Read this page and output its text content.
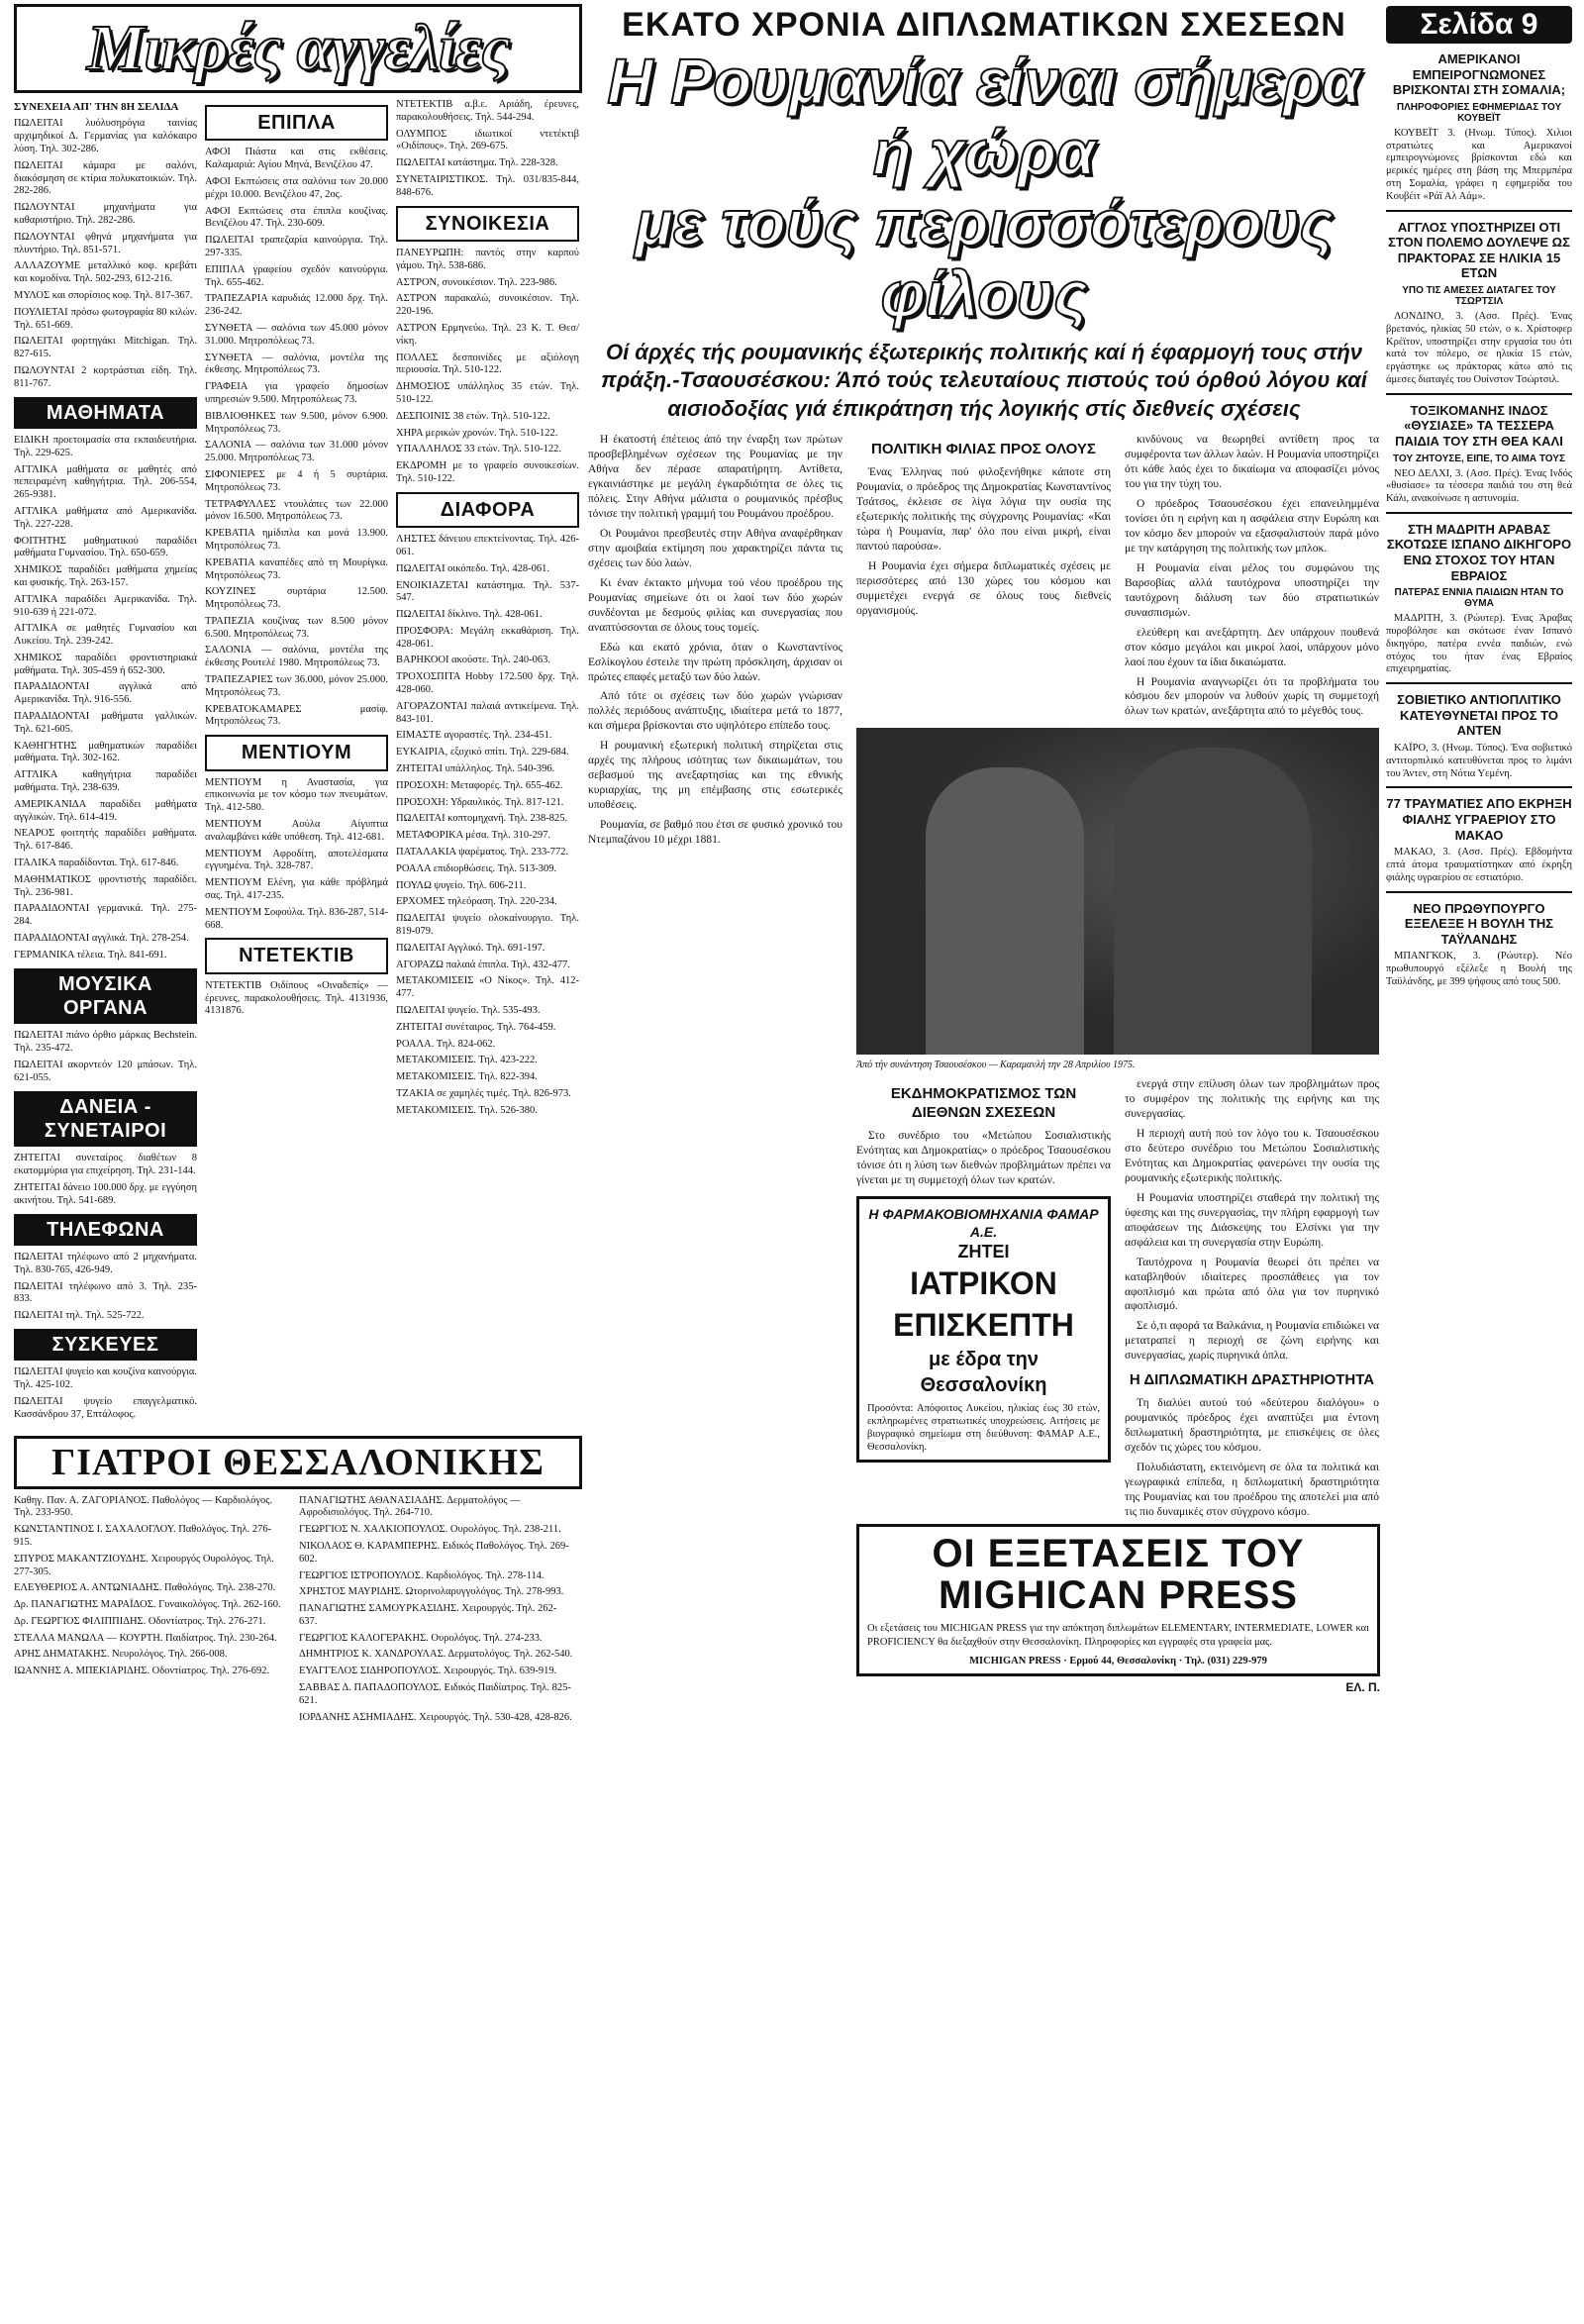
Μικρές αγγελίες
ΣΥΝΕΧΕΙΑ ΑΠ' ΤΗΝ 8Η ΣΕΛΙΔΑ

ΠΩΛΕΙΤΑΙ λυόλυσηρόγια ταινίας αρχιμηδικοί Δ. Γερμανίας για καλόκαιρο λύση. Τηλ. 302-286.

ΠΩΛΕΙΤΑΙ κάμαρα με σαλόνι, διακόσμηση σε κτίρια πολυκατοικιών. Τηλ. 282-286.

ΠΩΛΟΥΝΤΑΙ μηχανήματα για καθαριστήριο. Τηλ. 282-286.

ΠΩΛΟΥΝΤΑΙ φθηνά μηχανήματα για πλυντήριο. Τηλ. 851-571.

ΑΛΛΑΖΟΥΜΕ μεταλλικό κοφ. κρεβάτι και κομοδίνα. Τηλ. 502-293, 612-216.

ΜΥΛΟΣ και σπορίσιος κοφ. Τηλ. 817-367.

ΠΟΥΛΙΕΤΑΙ πρόσω φωτογραφία 80 κιλών. Τηλ. 651-669.

ΠΩΛΕΙΤΑΙ φορτηγάκι Mitchigan. Τηλ. 827-615.

ΠΩΛΟΥΝΤΑΙ 2 κορτράστιαι είδη. Τηλ. 811-767.

ΜΑΘΗΜΑΤΑ

ΕΙΔΙΚΗ προετοιμασία στα εκπαιδευτήρια. Τηλ. 229-625.

ΑΓΓΛΙΚΑ μαθήματα σε μαθητές από πεπειραμένη καθηγήτρια. Τηλ. 206-554, 265-9381.

ΑΓΓΛΙΚΑ μαθήματα από Αμερικανίδα. Τηλ. 227-228.

ΦΟΙΤΗΤΗΣ μαθηματικού παραδίδει μαθήματα Γυμνασίου. Τηλ. 650-659.

ΧΗΜΙΚΟΣ παραδίδει μαθήματα χημείας και φυσικής. Τηλ. 263-157.

ΑΓΓΛΙΚΑ παραδίδει Αμερικανίδα. Τηλ. 910-639 ή 221-072.

ΑΓΓΛΙΚΑ σε μαθητές Γυμνασίου και Λυκείου. Τηλ. 239-242.

ΧΗΜΙΚΟΣ παραδίδει φροντιστηριακά μαθήματα. Τηλ. 305-459 ή 652-300.

ΠΑΡΑΔΙΔΟΝΤΑΙ αγγλικά από Αμερικανίδα. Τηλ. 916-556.

ΠΑΡΑΔΙΔΟΝΤΑΙ μαθήματα γαλλικών. Τηλ. 621-605.

ΚΑΘΗΓΗΤΗΣ μαθηματικών παραδίδει μαθήματα. Τηλ. 302-162.

ΑΓΓΛΙΚΑ καθηγήτρια παραδίδει μαθήματα. Τηλ. 238-639.

ΑΜΕΡΙΚΑΝΙΔΑ παραδίδει μαθήματα αγγλικών. Τηλ. 614-419.

ΝΕΑΡΟΣ φοιτητής παραδίδει μαθήματα. Τηλ. 617-846.

ΙΤΑΛΙΚΑ παραδίδονται. Τηλ. 617-846.

ΜΑΘΗΜΑΤΙΚΟΣ φροντιστής παραδίδει. Τηλ. 236-981.

ΠΑΡΑΔΙΔΟΝΤΑΙ γερμανικά. Τηλ. 275-284.

ΠΑΡΑΔΙΔΟΝΤΑΙ αγγλικά. Τηλ. 278-254.

ΓΕΡΜΑΝΙΚΑ τέλεια. Τηλ. 841-691.

ΜΟΥΣΙΚΑ ΟΡΓΑΝΑ

ΠΩΛΕΙΤΑΙ πιάνο όρθιο μάρκας Bechstein. Τηλ. 235-472.

ΠΩΛΕΙΤΑΙ ακορντεόν 120 μπάσων. Τηλ. 621-055.

ΔΑΝΕΙΑ - ΣΥΝΕΤΑΙΡΟΙ

ΖΗΤΕΙΤΑΙ συνεταίρος διαθέτων 8 εκατομμύρια για επιχείρηση. Τηλ. 231-144.

ΖΗΤΕΙΤΑΙ δάνειο 100.000 δρχ. με εγγύηση ακινήτου. Τηλ. 541-689.

ΤΗΛΕΦΩΝΑ

ΠΩΛΕΙΤΑΙ τηλέφωνο από 2 μηχανήματα. Τηλ. 830-765, 426-949.

ΠΩΛΕΙΤΑΙ τηλέφωνο από 3. Τηλ. 235-833.

ΠΩΛΕΙΤΑΙ τηλ. Τηλ. 525-722.

ΣΥΣΚΕΥΕΣ

ΠΩΛΕΙΤΑΙ ψυγείο και κουζίνα καινούργια. Τηλ. 425-102.

ΠΩΛΕΙΤΑΙ ψυγείο επαγγελματικό. Κασσάνδρου 37, Επτάλοφος.

ΕΠΙΠΛΑ

ΑΦΟΙ Πιάστα και στις εκθέσεις. Καλαμαριά: Αγίου Μηνά, Βενιζέλου 47.

ΑΦΟΙ Εκπτώσεις στα σαλόνια των 20.000 μέχρι 10.000. Βενιζέλου 47, 2ος.

ΑΦΟΙ Εκπτώσεις στα έπιπλα κουζίνας. Βενιζέλου 47. Τηλ. 230-609.

ΠΩΛΕΙΤΑΙ τραπεζαρία καινούργια. Τηλ. 297-335.

ΕΠΙΠΛΑ γραφείου σχεδόν καινούργια. Τηλ. 655-462.

ΤΡΑΠΕΖΑΡΙΑ καρυδιάς 12.000 δρχ. Τηλ. 236-242.

ΣΥΝΘΕΤΑ — σαλόνια των 45.000 μόνον 31.000. Μητροπόλεως 73.

ΣΥΝΘΕΤΑ — σαλόνια, μοντέλα της έκθεσης. Μητροπόλεως 73.

ΓΡΑΦΕΙΑ για γραφείο δημοσίων υπηρεσιών 9.500. Μητροπόλεως 73.

ΒΙΒΛΙΟΘΗΚΕΣ των 9.500, μόνον 6.900. Μητροπόλεως 73.

ΣΑΛΟΝΙΑ — σαλόνια των 31.000 μόνον 25.000. Μητροπόλεως 73.

ΣΙΦΟΝΙΕΡΕΣ με 4 ή 5 συρτάρια. Μητροπόλεως 73.

ΤΕΤΡΑΦΥΛΛΕΣ ντουλάπες των 22.000 μόνον 16.500. Μητροπόλεως 73.

ΚΡΕΒΑΤΙΑ ημίδιπλα και μονά 13.900. Μητροπόλεως 73.

ΚΡΕΒΑΤΙΑ καναπέδες από τη Μουρίγκα. Μητροπόλεως 73.

ΚΟΥΖΙΝΕΣ συρτάρια 12.500. Μητροπόλεως 73.

ΤΡΑΠΕΖΙΑ κουζίνας των 8.500 μόνον 6.500. Μητροπόλεως 73.

ΣΑΛΟΝΙΑ — σαλόνια, μοντέλα της έκθεσης Ρουτελέ 1980. Μητροπόλεως 73.

ΤΡΑΠΕΖΑΡΙΕΣ των 36.000, μόνον 25.000. Μητροπόλεως 73.

ΚΡΕΒΑΤΟΚΑΜΑΡΕΣ μασίφ. Μητροπόλεως 73.

ΜΕΝΤΙΟΥΜ

ΜΕΝΤΙΟΥΜ η Αναστασία, για επικοινωνία με τον κόσμο των πνευμάτων. Τηλ. 412-580.

ΜΕΝΤΙΟΥΜ Αούλα Αίγυπτια αναλαμβάνει κάθε υπόθεση. Τηλ. 412-681.

ΜΕΝΤΙΟΥΜ Αφροδίτη, αποτελέσματα εγγυημένα. Τηλ. 328-787.

ΜΕΝΤΙΟΥΜ Ελένη, για κάθε πρόβλημά σας. Τηλ. 417-235.

ΜΕΝΤΙΟΥΜ Σοφούλα. Τηλ. 836-287, 514-668.

ΝΤΕΤΕΚΤΙΒ

ΝΤΕΤΕΚΤΙΒ Οιδίπους «Οιναδεπίς» — έρευνες, παρακολουθήσεις. Τηλ. 4131936, 4131876.

ΝΤΕΤΕΚΤΙΒ α.β.ε. Αριάδη, έρευνες, παρακολουθήσεις. Τηλ. 544-294.

ΟΛΥΜΠΟΣ ιδιωτικοί ντετέκτιβ «Οιδίπους». Τηλ. 269-675.

ΠΩΛΕΙΤΑΙ κατάστημα. Τηλ. 228-328.

ΣΥΝΕΤΑΙΡΙΣΤΙΚΟΣ. Τηλ. 031/835-844, 848-676.

ΣΥΝΟΙΚΕΣΙΑ

ΠΑΝΕΥΡΩΠΗ: παντός στην καρπού γάμου. Τηλ. 538-686.

ΑΣΤΡΟΝ, συνοικέσιον. Τηλ. 223-986.

ΑΣΤΡΟΝ παρακαλώ, συνοικέσιον. Τηλ. 220-196.

ΑΣΤΡΟΝ Ερμηνεύω. Τηλ. 23 Κ. Τ. Θεσ/νίκη.

ΠΟΛΛΕΣ δεσποινίδες με αξιόλογη περιουσία. Τηλ. 510-122.

ΔΗΜΟΣΙΟΣ υπάλληλος 35 ετών. Τηλ. 510-122.

ΔΕΣΠΟΙΝΙΣ 38 ετών. Τηλ. 510-122.

ΧΗΡΑ μερικών χρονών. Τηλ. 510-122.

ΥΠΑΛΛΗΛΟΣ 33 ετών. Τηλ. 510-122.

ΕΚΔΡΟΜΗ με το γραφείο συνοικεσίων. Τηλ. 510-122.

ΔΙΑΦΟΡΑ

ΛΗΣΤΕΣ δάνειου επεκτείνοντας. Τηλ. 426-061.

ΠΩΛΕΙΤΑΙ οικόπεδο. Τηλ. 428-061.

ΕΝΟΙΚΙΑΖΕΤΑΙ κατάστημα. Τηλ. 537-547.

ΠΩΛΕΙΤΑΙ δίκλινο. Τηλ. 428-061.

ΠΡΟΣΦΟΡΑ: Μεγάλη εκκαθάριση. Τηλ. 428-061.

ΒΑΡΗΚΟΟΙ ακούστε. Τηλ. 240-063.

ΤΡΟΧΟΣΠΙΤΑ Hobby 172.500 δρχ. Τηλ. 428-060.

ΑΓΟΡΑΖΟΝΤΑΙ παλαιά αντικείμενα. Τηλ. 843-101.

ΕΙΜΑΣΤΕ αγοραστές. Τηλ. 234-451.

ΕΥΚΑΙΡΙΑ, εξοχικό σπίτι. Τηλ. 229-684.

ΖΗΤΕΙΤΑΙ υπάλληλος. Τηλ. 540-396.

ΠΡΟΣΟΧΗ: Μεταφορές. Τηλ. 655-462.

ΠΡΟΣΟΧΗ: Υδραυλικός. Τηλ. 817-121.

ΠΩΛΕΙΤΑΙ κοπτομηχανή. Τηλ. 238-825.

ΜΕΤΑΦΟΡΙΚΑ μέσα. Τηλ. 310-297.

ΠΑΤΑΛΑΚΙΑ ψαρέματος. Τηλ. 233-772.

ΡΟΑΛΑ επιδιορθώσεις. Τηλ. 513-309.

ΠΟΥΛΩ ψυγείο. Τηλ. 606-211.

ΕΡΧΟΜΕΣ τηλεόραση. Τηλ. 220-234.

ΠΩΛΕΙΤΑΙ ψυγείο ολοκαίνουργιο. Τηλ. 819-079.

ΠΩΛΕΙΤΑΙ Αγγλικό. Τηλ. 691-197.

ΑΓΟΡΑΖΩ παλαιά έπιπλα. Τηλ. 432-477.

ΜΕΤΑΚΟΜΙΣΕΙΣ «Ο Νίκος». Τηλ. 412-477.

ΠΩΛΕΙΤΑΙ ψυγείο. Τηλ. 535-493.

ΖΗΤΕΙΤΑΙ συνέταιρος. Τηλ. 764-459.

ΡΟΑΛΑ. Τηλ. 824-062.

ΜΕΤΑΚΟΜΙΣΕΙΣ. Τηλ. 423-222.

ΜΕΤΑΚΟΜΙΣΕΙΣ. Τηλ. 822-394.

ΤΖΑΚΙΑ σε χαμηλές τιμές. Τηλ. 826-973.

ΜΕΤΑΚΟΜΙΣΕΙΣ. Τηλ. 526-380.

ΓΙΑΤΡΟΙ ΘΕΣΣΑΛΟΝΙΚΗΣ

Καθηγ. Παν. Α. ΖΑΓΟΡΙΑΝΟΣ. Παθολόγος — Καρδιολόγος. Τηλ. 233-950.

ΚΩΝΣΤΑΝΤΙΝΟΣ Ι. ΣΑΧΑΛΟΓΛΟΥ. Παθολόγος. Τηλ. 276-915.

ΣΠΥΡΟΣ ΜΑΚΑΝΤΖΙΟΥΔΗΣ. Χειρουργός Ουρολόγος. Τηλ. 277-305.

ΕΛΕΥΘΕΡΙΟΣ Α. ΑΝΤΩΝΙΑΔΗΣ. Παθολόγος. Τηλ. 238-270.

Δρ. ΠΑΝΑΓΙΩΤΗΣ ΜΑΡΑΪΔΟΣ. Γυναικολόγος. Τηλ. 262-160.

Δρ. ΓΕΩΡΓΙΟΣ ΦΙΛΙΠΠΙΔΗΣ. Οδοντίατρος. Τηλ. 276-271.

ΣΤΕΛΛΑ ΜΑΝΩΛΑ — ΚΟΥΡΤΗ. Παιδίατρος. Τηλ. 230-264.

ΑΡΗΣ ΔΗΜΑΤΑΚΗΣ. Νευρολόγος. Τηλ. 266-008.

ΙΩΑΝΝΗΣ Α. ΜΠΕΚΙΑΡΙΔΗΣ. Οδοντίατρος. Τηλ. 276-692.

ΠΑΝΑΓΙΩΤΗΣ ΑΘΑΝΑΣΙΑΔΗΣ. Δερματολόγος — Αφροδισιολόγος. Τηλ. 264-710.

ΓΕΩΡΓΙΟΣ Ν. ΧΑΛΚΙΟΠΟΥΛΟΣ. Ουρολόγος. Τηλ. 238-211.

ΝΙΚΟΛΑΟΣ Θ. ΚΑΡΑΜΠΕΡΗΣ. Ειδικός Παθολόγος. Τηλ. 269-602.

ΓΕΩΡΓΙΟΣ ΙΣΤΡΟΠΟΥΛΟΣ. Καρδιολόγος. Τηλ. 278-114.

ΧΡΗΣΤΟΣ ΜΑΥΡΙΔΗΣ. Ωτορινολαρυγγολόγος. Τηλ. 278-993.

ΠΑΝΑΓΙΩΤΗΣ ΣΑΜΟΥΡΚΑΣΙΔΗΣ. Χειρουργός. Τηλ. 262-637.

ΓΕΩΡΓΙΟΣ ΚΑΛΟΓΕΡΑΚΗΣ. Ουρολόγος. Τηλ. 274-233.

ΔΗΜΗΤΡΙΟΣ Κ. ΧΑΝΔΡΟΥΛΑΣ. Δερματολόγος. Τηλ. 262-540.

ΕΥΑΓΓΕΛΟΣ ΣΙΔΗΡΟΠΟΥΛΟΣ. Χειρουργός. Τηλ. 639-919.

ΣΑΒΒΑΣ Δ. ΠΑΠΑΔΟΠΟΥΛΟΣ. Ειδικός Παιδίατρος. Τηλ. 825-621.

ΙΟΡΔΑΝΗΣ ΑΣΗΜΙΑΔΗΣ. Χειρουργός. Τηλ. 530-428, 428-826.

ΕΚΑΤΟ ΧΡΟΝΙΑ ΔΙΠΛΩΜΑΤΙΚΩΝ ΣΧΕΣΕΩΝ
Η Ρουμανία είναι σήμερα ή χώρα
με τούς περισσότερους φίλους
Οί άρχές τής ρουμανικής έξωτερικής πολιτικής καί ή έφαρμογή τους στήν πράξη.-Τσαουσέσκου: Άπό τούς τελευταίους πιστούς τού όρθού λόγου καί αισιοδοξίας γιά έπικράτηση τής λογικής στίς διεθνείς σχέσεις

Η έκατοστή έπέτειος άπό την έναρξη των πρώτων προσβεβλημένων σχέσεων της Ρουμανίας με την Αθήνα δεν πέρασε απαρατήρητη. Αντίθετα, εγκαινιάστηκε με μεγάλη έγκαρδιότητα σε όλες τις πόλεις. Στην Αθήνα μάλιστα ο ρουμανικός πρέσβυς τόνισε την πολιτική γραμμή του Ρουμάνου προέδρου.

Οι Ρουμάνοι πρεσβευτές στην Αθήνα αναφέρθηκαν στην αμοιβαία εκτίμηση που χαρακτηρίζει πάντα τις σχέσεις των δύο λαών.

Κι έναν έκτακτο μήνυμα τού νέου προέδρου της Ρουμανίας σημείωνε ότι οι λαοί των δύο χωρών συνδέονται με δεσμούς φιλίας και συνεργασίας που αναπτύσσονται σε όλους τους τομείς.

Εδώ και εκατό χρόνια, όταν ο Κωνσταντίνος Εσλίκογλου έστειλε την πρώτη πρόσκληση, άρχισαν οι πρώτες επαφές μεταξύ των δύο λαών.

Από τότε οι σχέσεις των δύο χωρών γνώρισαν πολλές περιόδους ανάπτυξης, ιδιαίτερα μετά το 1877, και σήμερα βρίσκονται στο υψηλότερο επίπεδο τους.

Η ρουμανική εξωτερική πολιτική στηρίζεται στις αρχές της πλήρους ισότητας των δικαιωμάτων, του σεβασμού της ανεξαρτησίας και της εθνικής κυριαρχίας, της μη επέμβασης στις εσωτερικές υποθέσεις.

Ρουμανία, σε βαθμό που έτσι σε φυσικό χρονικό του Ντεμπαζάνου 10 μέχρι 1881.

ΠΟΛΙΤΙΚΗ ΦΙΛΙΑΣ ΠΡΟΣ ΟΛΟΥΣ

Ένας Έλληνας πού φιλοξενήθηκε κάποτε στη Ρουμανία, ο πρόεδρος της Δημοκρατίας Κωνσταντίνος Τσάτσος, έκλεισε σε λίγα λόγια την ουσία της εξωτερικής πολιτικής της σύγχρονης Ρουμανίας: «Και τώρα ή Ρουμανία, παρ' όλο που είναι μικρή, είναι παντού παρούσα».

Η Ρουμανία έχει σήμερα διπλωματικές σχέσεις με περισσότερες από 130 χώρες του κόσμου και συμμετέχει ενεργά σε όλους τους διεθνείς οργανισμούς.

κινδύνους να θεωρηθεί αντίθετη προς τα συμφέροντα των άλλων λαών. Η Ρουμανία υποστηρίζει ότι κάθε λαός έχει το δικαίωμα να αποφασίζει μόνος του για την τύχη του.

Ο πρόεδρος Τσαουσέσκου έχει επανειλημμένα τονίσει ότι η ειρήνη και η ασφάλεια στην Ευρώπη και τον κόσμο δεν μπορούν να εξασφαλιστούν παρά μόνο με την κατάργηση της πολιτικής των μπλοκ.

Η Ρουμανία είναι μέλος του συμφώνου της Βαρσοβίας αλλά ταυτόχρονα υποστηρίζει την ταυτόχρονη διάλυση των δύο στρατιωτικών συνασπισμών.

ελεύθερη και ανεξάρτητη. Δεν υπάρχουν πουθενά στον κόσμο μεγάλοι και μικροί λαοί, υπάρχουν μόνο λαοί που έχουν τα ίδια δικαιώματα.

Η Ρουμανία αναγνωρίζει ότι τα προβλήματα του κόσμου δεν μπορούν να λυθούν χωρίς τη συμμετοχή όλων των κρατών, ανεξάρτητα από το μέγεθός τους.

Άπό τήν συνάντηση Τσαουσέσκου — Καραμανλή την 28 Απριλίου 1975.
ΕΚΔΗΜΟΚΡΑΤΙΣΜΟΣ ΤΩΝ ΔΙΕΘΝΩΝ ΣΧΕΣΕΩΝ

Στο συνέδριο του «Μετώπου Σοσιαλιστικής Ενότητας και Δημοκρατίας» ο πρόεδρος Τσαουσέσκου τόνισε ότι η λύση των διεθνών προβλημάτων πρέπει να γίνεται με τη συμμετοχή όλων των κρατών.

Η ΦΑΡΜΑΚΟΒΙΟΜΗΧΑΝΙΑ ΦΑΜΑΡ Α.Ε.
ΖΗΤΕΙ
ΙΑΤΡΙΚΟΝ ΕΠΙΣΚΕΠΤΗ
με έδρα την Θεσσαλονίκη
Προσόντα: Απόφοιτος Λυκείου, ηλικίας έως 30 ετών, εκπληρωμένες στρατιωτικές υποχρεώσεις. Αιτήσεις με βιογραφικό σημείωμα στη διεύθυνση: ΦΑΜΑΡ Α.Ε., Θεσσαλονίκη.

ενεργά στην επίλυση όλων των προβλημάτων προς το συμφέρον της πολιτικής της ειρήνης και της συνεργασίας.

Η περιοχή αυτή πού τον λόγο του κ. Τσαουσέσκου στο δεύτερο συνέδριο του Μετώπου Σοσιαλιστικής Ενότητας και Δημοκρατίας φανερώνει την ουσία της ρουμανικής εξωτερικής πολιτικής.

Η Ρουμανία υποστηρίζει σταθερά την πολιτική της ύφεσης και της συνεργασίας, την πλήρη εφαρμογή των αποφάσεων της Διάσκεψης του Ελσίνκι για την ασφάλεια και τη συνεργασία στην Ευρώπη.

Ταυτόχρονα η Ρουμανία θεωρεί ότι πρέπει να καταβληθούν ιδιαίτερες προσπάθειες για τον αφοπλισμό και πρώτα από όλα για τον πυρηνικό αφοπλισμό.

Σε ό,τι αφορά τα Βαλκάνια, η Ρουμανία επιδιώκει να μετατραπεί η περιοχή σε ζώνη ειρήνης και συνεργασίας, χωρίς πυρηνικά όπλα.

Η ΔΙΠΛΩΜΑΤΙΚΗ ΔΡΑΣΤΗΡΙΟΤΗΤΑ

Τη διαλύει αυτού τού «δεύτερου διαλόγου» ο ρουμανικός πρόεδρος έχει αναπτύξει μια έντονη διπλωματική δραστηριότητα, με επισκέψεις σε όλες σχεδόν τις χώρες του κόσμου.

Πολυδιάστατη, εκτεινόμενη σε όλα τα πολιτικά και γεωγραφικά επίπεδα, η διπλωματική δραστηριότητα της Ρουμανίας και του προέδρου της αποτελεί μια από τις πιο δυναμικές στον σύγχρονο κόσμο.

ΟΙ ΕΞΕΤΑΣΕΙΣ ΤΟΥ
MIGHICAN PRESS
Οι εξετάσεις του MICHIGAN PRESS για την απόκτηση διπλωμάτων ELEMENTARY, INTERMEDIATE, LOWER και PROFICIENCY θα διεξαχθούν στην Θεσσαλονίκη. Πληροφορίες και εγγραφές στα γραφεία μας.
MICHIGAN PRESS · Ερμού 44, Θεσσαλονίκη · Τηλ. (031) 229-979
ΕΛ. Π.
Σελίδα 9
ΑΜΕΡΙΚΑΝΟΙ ΕΜΠΕΙΡΟΓΝΩΜΟΝΕΣ ΒΡΙΣΚΟΝΤΑΙ ΣΤΗ ΣΟΜΑΛΙΑ;
ΠΛΗΡΟΦΟΡΙΕΣ ΕΦΗΜΕΡΙΔΑΣ ΤΟΥ ΚΟΥΒΕΪΤ

ΚΟΥΒΕΪΤ 3. (Ηνωμ. Τύπος). Χιλιοι στρατιώτες και Αμερικανοί εμπειρογνώμονες βρίσκονται εδώ και μερικές ημέρες στη βάση της Μπερμπέρα στη Σομαλία, γράφει η εφημερίδα του Κουβέιτ «Ράϊ Αλ Αάμ».

ΑΓΓΛΟΣ ΥΠΟΣΤΗΡΙΖΕΙ ΟΤΙ ΣΤΟΝ ΠΟΛΕΜΟ ΔΟΥΛΕΨΕ ΩΣ ΠΡΑΚΤΟΡΑΣ ΣΕ ΗΛΙΚΙΑ 15 ΕΤΩΝ
ΥΠΟ ΤΙΣ ΑΜΕΣΕΣ ΔΙΑΤΑΓΕΣ ΤΟΥ ΤΣΩΡΤΣΙΛ

ΛΟΝΔΙΝΟ, 3. (Ασσ. Πρές). Ένας βρετανός, ηλικίας 50 ετών, ο κ. Χρίστοφερ Κρέϊτον, υποστηρίζει στην εργασία του ότι κατά τον πόλεμο, σε ηλικία 15 ετών, εργάστηκε ως πράκτορας κάτω από τις άμεσες διαταγές του Ουίνστον Τσώρτσιλ.

ΤΟΞΙΚΟΜΑΝΗΣ ΙΝΔΟΣ «ΘΥΣΙΑΣΕ» ΤΑ ΤΕΣΣΕΡΑ ΠΑΙΔΙΑ ΤΟΥ ΣΤΗ ΘΕΑ ΚΑΛΙ
ΤΟΥ ΖΗΤΟΥΣΕ, ΕΙΠΕ, ΤΟ ΑΙΜΑ ΤΟΥΣ

ΝΕΟ ΔΕΛΧΙ, 3. (Ασσ. Πρές). Ένας Ινδός «θυσίασε» τα τέσσερα παιδιά του στη θεά Κάλι, ανακοίνωσε η αστυνομία.

ΣΤΗ ΜΑΔΡΙΤΗ ΑΡΑΒΑΣ ΣΚΟΤΩΣΕ ΙΣΠΑΝΟ ΔΙΚΗΓΟΡΟ ΕΝΩ ΣΤΟΧΟΣ ΤΟΥ ΗΤΑΝ ΕΒΡΑΙΟΣ
ΠΑΤΕΡΑΣ ΕΝΝΙΑ ΠΑΙΔΙΩΝ ΗΤΑΝ ΤΟ ΘΥΜΑ

ΜΑΔΡΙΤΗ, 3. (Ρώυτερ). Ένας Άραβας πυροβόλησε και σκότωσε έναν Ισπανό δικηγόρο, πατέρα εννέα παιδιών, ενώ στόχος του ήταν ένας Εβραίος επιχειρηματίας.

ΣΟΒΙΕΤΙΚΟ ΑΝΤΙΟΠΛΙΤΙΚΟ ΚΑΤΕΥΘΥΝΕΤΑΙ ΠΡΟΣ ΤΟ ΑΝΤΕΝ

ΚΑΪΡΟ, 3. (Ηνωμ. Τύπος). Ένα σοβιετικό αντιτορπιλικό κατευθύνεται προς το λιμάνι του Άντεν, στη Νότια Υεμένη.

77 ΤΡΑΥΜΑΤΙΕΣ ΑΠΟ ΕΚΡΗΞΗ ΦΙΑΛΗΣ ΥΓΡΑΕΡΙΟΥ ΣΤΟ ΜΑΚΑΟ

ΜΑΚΑΟ, 3. (Ασσ. Πρές). Εβδομήντα επτά άτομα τραυματίστηκαν από έκρηξη φιάλης υγραερίου σε εστιατόριο.

ΝΕΟ ΠΡΩΘΥΠΟΥΡΓΟ ΕΞΕΛΕΞΕ Η ΒΟΥΛΗ ΤΗΣ ΤΑΫΛΑΝΔΗΣ

ΜΠΑΝΓΚΟΚ, 3. (Ρώυτερ). Νέο πρωθυπουργό εξέλεξε η Βουλή της Ταϋλάνδης, με 399 ψήφους από τους 500.
